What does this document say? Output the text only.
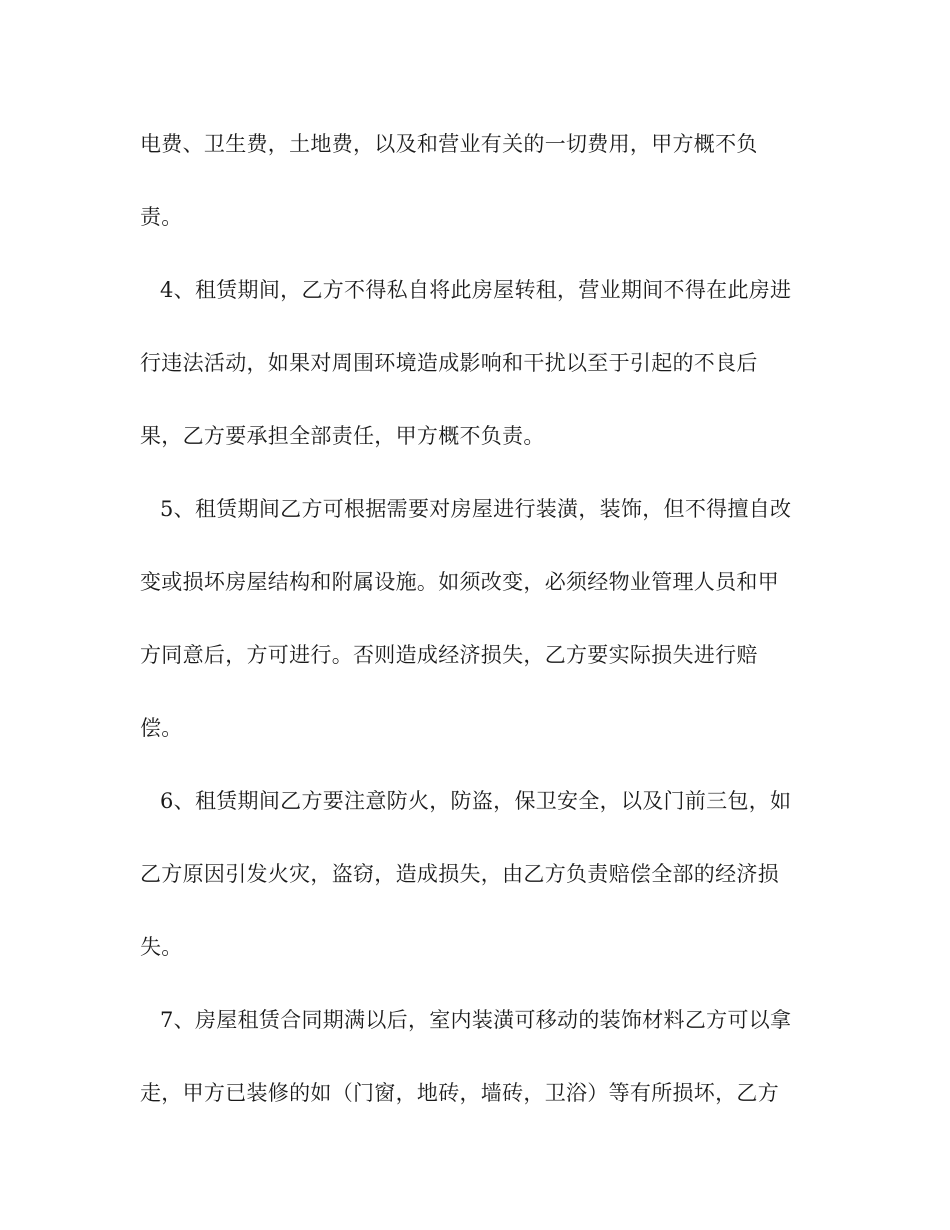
电费、卫生费，土地费，以及和营业有关的一切费用，甲方概不负
责。
4、租赁期间，乙方不得私自将此房屋转租，营业期间不得在此房进
行违法活动，如果对周围环境造成影响和干扰以至于引起的不良后
果，乙方要承担全部责任，甲方概不负责。
5、租赁期间乙方可根据需要对房屋进行装潢，装饰，但不得擅自改
变或损坏房屋结构和附属设施。如须改变，必须经物业管理人员和甲
方同意后，方可进行。否则造成经济损失，乙方要实际损失进行赔
偿。
6、租赁期间乙方要注意防火，防盗，保卫安全，以及门前三包，如
乙方原因引发火灾，盗窃，造成损失，由乙方负责赔偿全部的经济损
失。
7、房屋租赁合同期满以后，室内装潢可移动的装饰材料乙方可以拿
走，甲方已装修的如（门窗，地砖，墙砖，卫浴）等有所损坏，乙方
